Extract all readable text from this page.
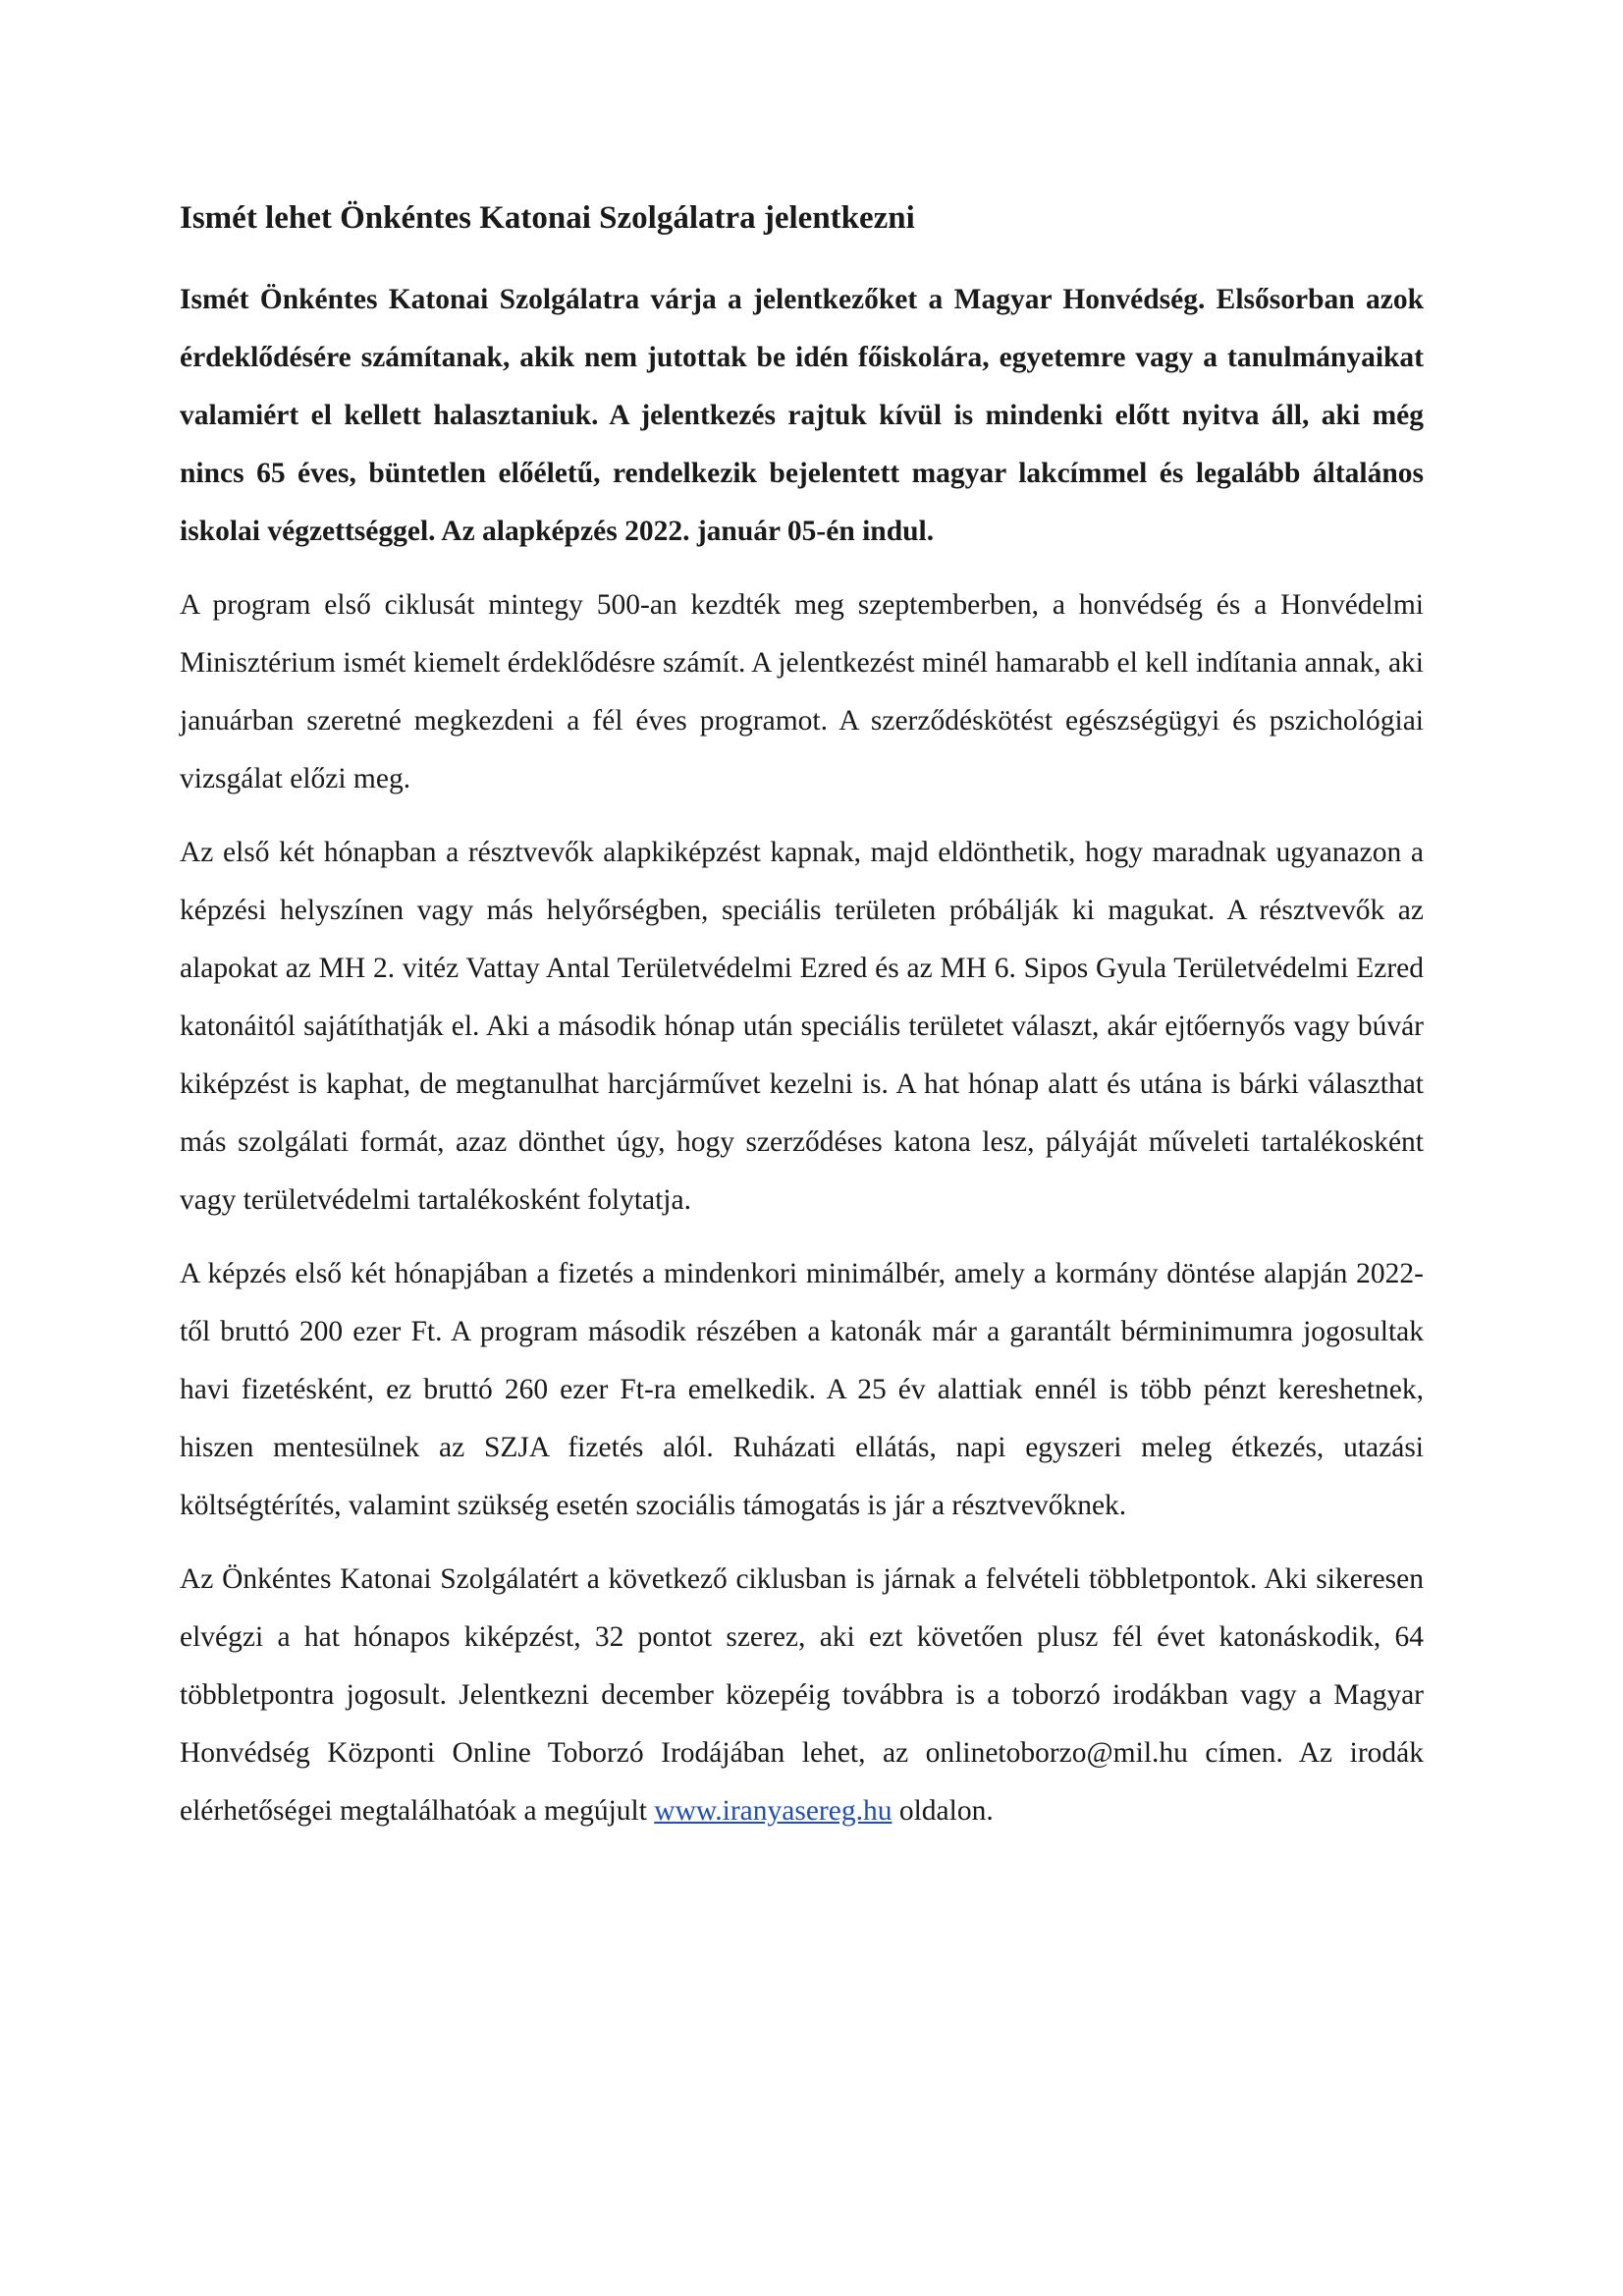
Ismét lehet Önkéntes Katonai Szolgálatra jelentkezni

Ismét Önkéntes Katonai Szolgálatra várja a jelentkezőket a Magyar Honvédség. Elsősorban azok érdeklődésére számítanak, akik nem jutottak be idén főiskolára, egyetemre vagy a tanulmányaikat valamiért el kellett halasztaniuk. A jelentkezés rajtuk kívül is mindenki előtt nyitva áll, aki még nincs 65 éves, büntetlen előéletű, rendelkezik bejelentett magyar lakcímmel és legalább általános iskolai végzettséggel. Az alapképzés 2022. január 05-én indul.

A program első ciklusát mintegy 500-an kezdték meg szeptemberben, a honvédség és a Honvédelmi Minisztérium ismét kiemelt érdeklődésre számít. A jelentkezést minél hamarabb el kell indítania annak, aki januárban szeretné megkezdeni a fél éves programot. A szerződéskötést egészségügyi és pszichológiai vizsgálat előzi meg.

Az első két hónapban a résztvevők alapkiképzést kapnak, majd eldönthetik, hogy maradnak ugyanazon a képzési helyszínen vagy más helyőrségben, speciális területen próbálják ki magukat. A résztvevők az alapokat az MH 2. vitéz Vattay Antal Területvédelmi Ezred és az MH 6. Sipos Gyula Területvédelmi Ezred katonáitól sajátíthatják el. Aki a második hónap után speciális területet választ, akár ejtőernyős vagy búvár kiképzést is kaphat, de megtanulhat harcjárművet kezelni is. A hat hónap alatt és utána is bárki választhat más szolgálati formát, azaz dönthet úgy, hogy szerződéses katona lesz, pályáját műveleti tartalékosként vagy területvédelmi tartalékosként folytatja.

A képzés első két hónapjában a fizetés a mindenkori minimálbér, amely a kormány döntése alapján 2022-től bruttó 200 ezer Ft. A program második részében a katonák már a garantált bérminimumra jogosultak havi fizetésként, ez bruttó 260 ezer Ft-ra emelkedik. A 25 év alattiak ennél is több pénzt kereshetnek, hiszen mentesülnek az SZJA fizetés alól. Ruházati ellátás, napi egyszeri meleg étkezés, utazási költségtérítés, valamint szükség esetén szociális támogatás is jár a résztvevőknek.

Az Önkéntes Katonai Szolgálatért a következő ciklusban is járnak a felvételi többletpontok. Aki sikeresen elvégzi a hat hónapos kiképzést, 32 pontot szerez, aki ezt követően plusz fél évet katonáskodik, 64 többletpontra jogosult. Jelentkezni december közepéig továbbra is a toborzó irodákban vagy a Magyar Honvédség Központi Online Toborzó Irodájában lehet, az onlinetoborzo@mil.hu címen. Az irodák elérhetőségei megtalálhatóak a megújult www.iranyasereg.hu oldalon.
